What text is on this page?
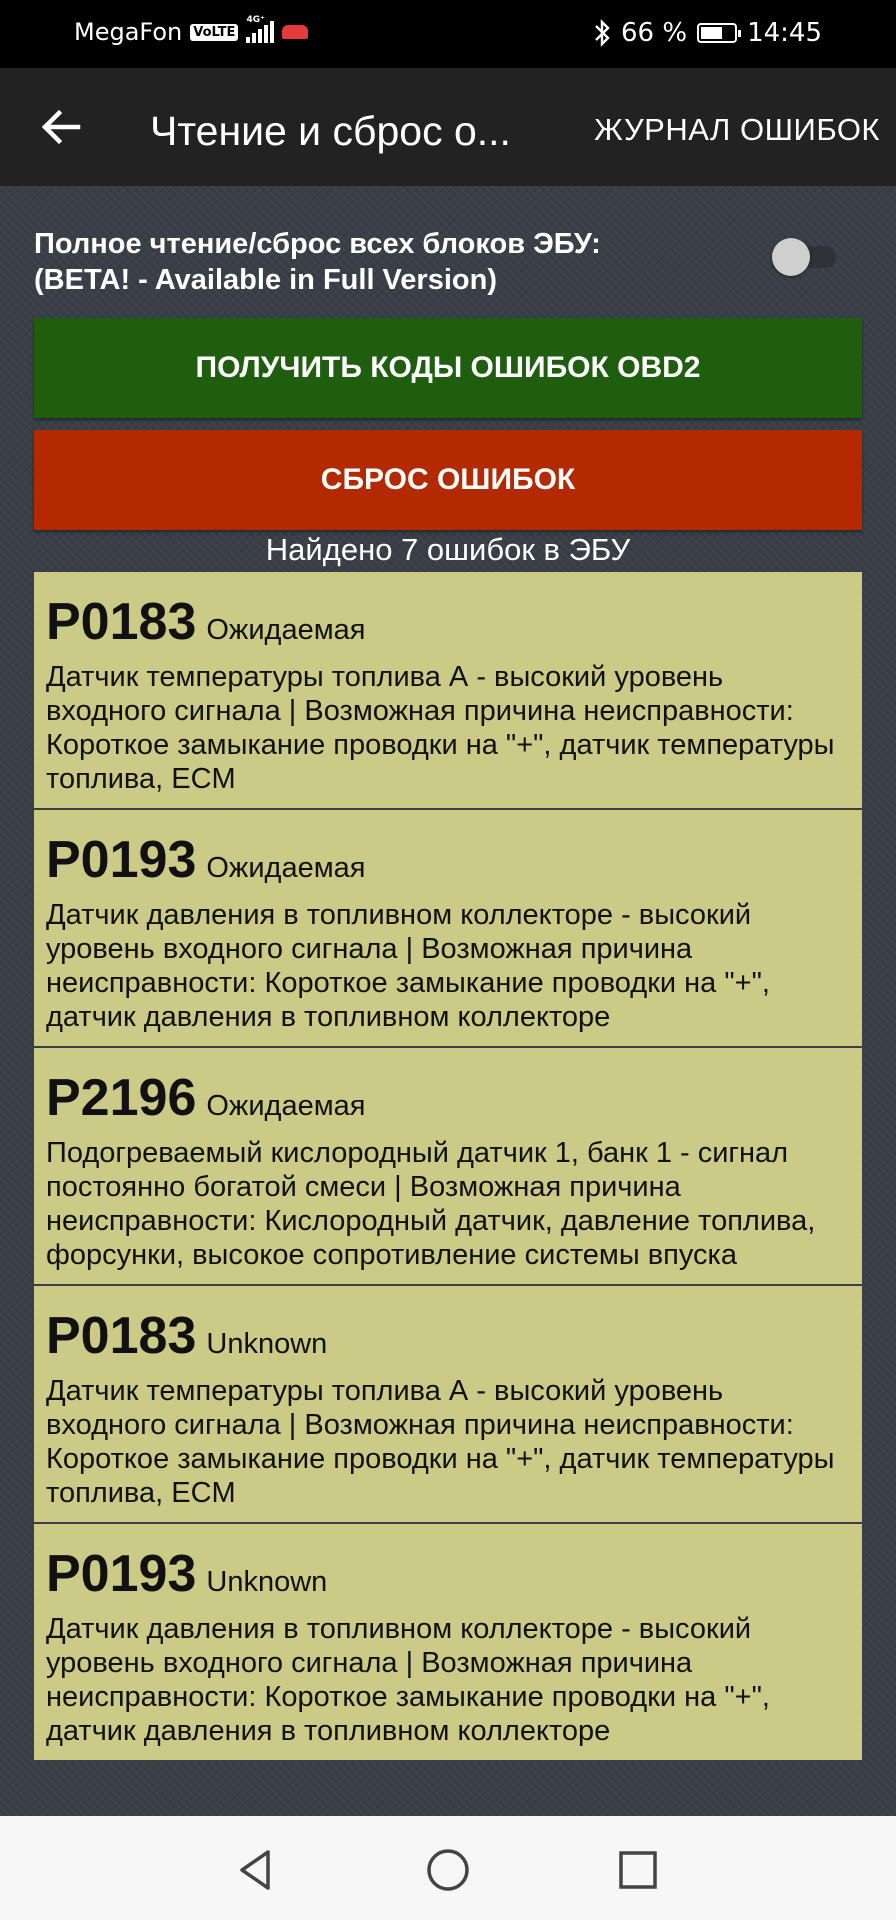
MegaFon VoLTE
4G⁺	66 % 14:45
Чтение и сброс о...	ЖУРНАЛ ОШИБОК
Полное чтение/сброс всех блоков ЭБУ:
(BETA! - Available in Full Version)
ПОЛУЧИТЬ КОДЫ ОШИБОК OBD2
СБРОС ОШИБОК
Найдено 7 ошибок в ЭБУ
P0183 Ожидаемая
Датчик температуры топлива А - высокий уровень входного сигнала | Возможная причина неисправности: Короткое замыкание проводки на "+", датчик температуры топлива, ECM
P0193 Ожидаемая
Датчик давления в топливном коллекторе - высокий уровень входного сигнала | Возможная причина неисправности: Короткое замыкание проводки на "+", датчик давления в топливном коллекторе
P2196 Ожидаемая
Подогреваемый кислородный датчик 1, банк 1 - сигнал постоянно богатой смеси | Возможная причина неисправности: Кислородный датчик, давление топлива, форсунки, высокое сопротивление системы впуска
P0183 Unknown
Датчик температуры топлива А - высокий уровень входного сигнала | Возможная причина неисправности: Короткое замыкание проводки на "+", датчик температуры топлива, ECM
P0193 Unknown
Датчик давления в топливном коллекторе - высокий уровень входного сигнала | Возможная причина неисправности: Короткое замыкание проводки на "+", датчик давления в топливном коллекторе
